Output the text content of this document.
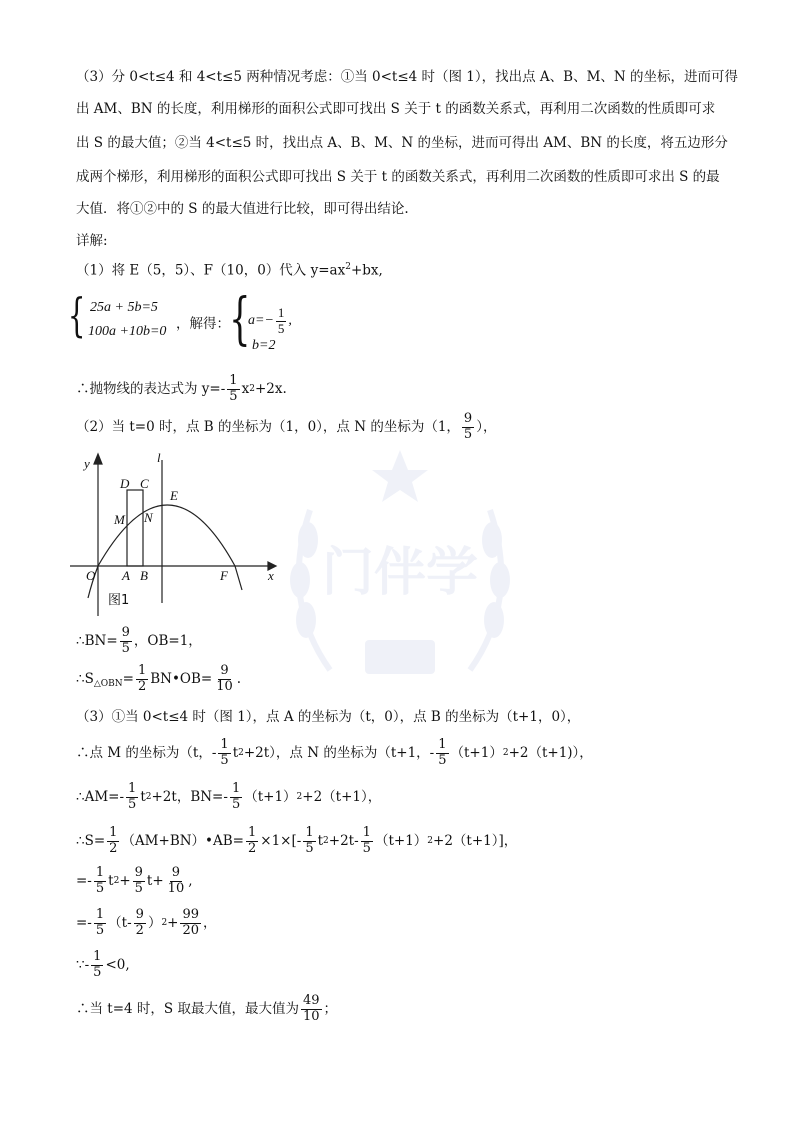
门伴学
（3）分 0<t≤4 和 4<t≤5 两种情况考虑：①当 0<t≤4 时（图 1），找出点 A、B、M、N 的坐标，进而可得
出 AM、BN 的长度，利用梯形的面积公式即可找出 S 关于 t 的函数关系式，再利用二次函数的性质即可求
出 S 的最大值；②当 4<t≤5 时，找出点 A、B、M、N 的坐标，进而可得出 AM、BN 的长度，将五边形分
成两个梯形，利用梯形的面积公式即可找出 S 关于 t 的函数关系式，再利用二次函数的性质即可求出 S 的最
大值．将①②中的 S 的最大值进行比较，即可得出结论.
详解:
（1）将 E（5，5）、F（10，0）代入 $y=ax^2+bx$,
{ 25a + 5b=5
100a +10b=0 ，解得： {
$a=- \frac{1}{5}$ ,
b=2
∴抛物线的表达式为 $y=- \frac{1}{5}$ x 2 +2x.
（2）当 t=0 时，点 B 的坐标为（1，0），点 N 的坐标为（1， $\frac{9}{5}$ ），
y
x
l
D C
E
M N
O A B	F
图1
∴BN= $\frac{9}{5}$ ，OB=1，
$\therefore S_{\triangle OBN} = \frac{1}{2}$ BN•OB= $\frac{9}{10}$ .
（3）①当 0<t≤4 时（图 1），点 A 的坐标为（t，0），点 B 的坐标为（t+1，0），
∴点 M 的坐标为（t，- $\frac{1}{5}$ t 2 +2t），点 N 的坐标为（t+1，- $\frac{1}{5} (t+1)$ 2 +2（t+1)），
∴AM=- $\frac{1}{5}$ t 2 +2t，$BN=- \frac{1}{5} (t+1)$ 2 +2（t+1），
∴S= $\frac{1}{2}$ （AM+BN）•AB= $\frac{1}{2} \times 1\times[- \frac{1}{5}$ t $2 +2t- \frac{1}{5} (t+1)$ 2 +2（t+1）]，
=- $\frac{1}{5}$ t $2 + \frac{9}{5} t+ \frac{9}{10}$ ,
=- $\frac{1}{5} (t- \frac{9}{2}$ ） $2 + \frac{99}{20}$ ，
∵- $\frac{1}{5} <0$,
∴当 t=4 时，S 取最大值，最大值为 $\frac{49}{10}$ ；
